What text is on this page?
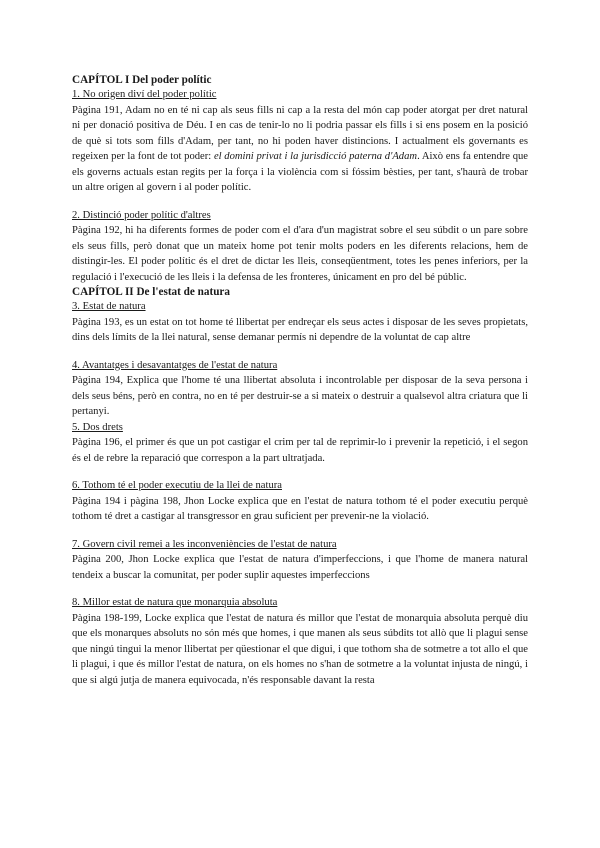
CAPÍTOL I Del poder polític
1. No origen diví del poder polític

Pàgina 191, Adam no en té ni cap als seus fills ni cap a la resta del món cap poder atorgat per dret natural ni per donació positiva de Déu. I en cas de tenir-lo no li podria passar els fills i si ens posem en la posició de què si tots som fills d'Adam, per tant, no hi poden haver distincions. I actualment els governants es regeixen per la font de tot poder: el domini privat i la jurisdicció paterna d'Adam. Això ens fa entendre que els governs actuals estan regits per la força i la violència com si fóssim bèsties, per tant, s'haurà de trobar un altre origen al govern i al poder polític.

2. Distinció poder polític d'altres

Pàgina 192, hi ha diferents formes de poder com el d'ara d'un magistrat sobre el seu súbdit o un pare sobre els seus fills, però donat que un mateix home pot tenir molts poders en les diferents relacions, hem de distingir-les. El poder polític és el dret de dictar les lleis, conseqüentment, totes les penes inferiors, per la regulació i l'execució de les lleis i la defensa de les fronteres, únicament en pro del bé públic.

CAPÍTOL II De l'estat de natura
3. Estat de natura

Pàgina 193, es un estat on tot home té llibertat per endreçar els seus actes i disposar de les seves propietats, dins dels límits de la llei natural, sense demanar permís ni dependre de la voluntat de cap altre

4. Avantatges i desavantatges de l'estat de natura

Pàgina 194, Explica que l'home té una llibertat absoluta i incontrolable per disposar de la seva persona i dels seus béns, però en contra, no en té per destruir-se a si mateix o destruir a qualsevol altra criatura que li pertanyi.

5. Dos drets

Pàgina 196, el primer és que un pot castigar el crim per tal de reprimir-lo i prevenir la repetició, i el segon és el de rebre la reparació que correspon a la part ultratjada.

6. Tothom té el poder executiu de la llei de natura

Pàgina 194 i pàgina 198, Jhon Locke explica que en l'estat de natura tothom té el poder executiu perquè tothom té dret a castigar al transgressor en grau suficient per prevenir-ne la violació.

7. Govern civil remei a les inconveniències de l'estat de natura

Pàgina 200, Jhon Locke explica que l'estat de natura d'imperfeccions, i que l'home de manera natural tendeix a buscar la comunitat, per poder suplir aquestes imperfeccions

8. Millor estat de natura que monarquia absoluta

Pàgina 198-199, Locke explica que l'estat de natura és millor que l'estat de monarquia absoluta perquè diu que els monarques absoluts no són més que homes, i que manen als seus súbdits tot allò que li plagui sense que ningú tingui la menor llibertat per qüestionar el que digui, i que tothom sha de sotmetre a tot allo el que li plagui, i que és millor l'estat de natura, on els homes no s'han de sotmetre a la voluntat injusta de ningú, i que si algú jutja de manera equivocada, n'és responsable davant la resta
